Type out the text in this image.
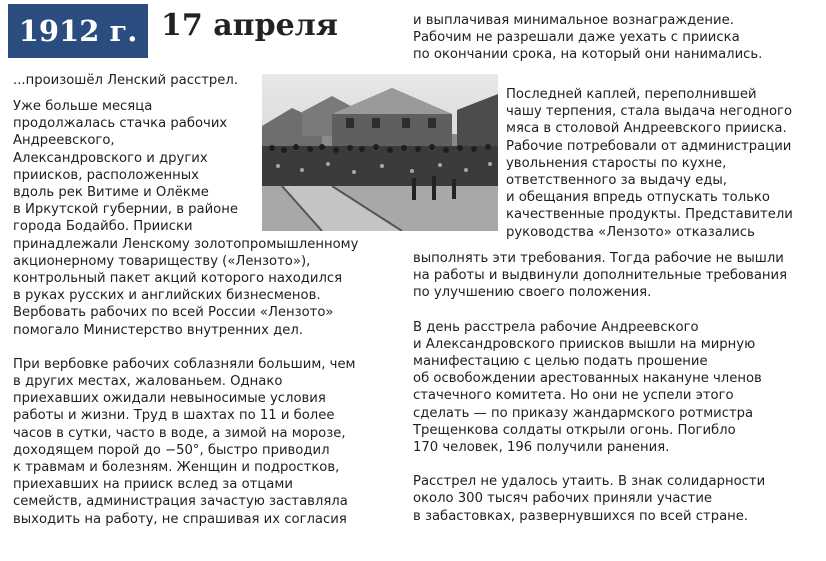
1912 г. 17 апреля
...произошёл Ленский расстрел.
Уже больше месяца
продолжалась стачка рабочих
Андреевского,
Александровского и других
приисков, расположенных
вдоль рек Витиме и Олёкме
в Иркутской губернии, в районе
города Бодайбо. Прииски
принадлежали Ленскому золотопромышленному
акционерному товариществу («Лензото»),
контрольный пакет акций которого находился
в руках русских и английских бизнесменов.
Вербовать рабочих по всей России «Лензото»
помогало Министерство внутренних дел.
При вербовке рабочих соблазняли большим, чем
в других местах, жалованьем. Однако
приехавших ожидали невыносимые условия
работы и жизни. Труд в шахтах по 11 и более
часов в сутки, часто в воде, а зимой на морозе,
доходящем порой до −50°, быстро приводил
к травмам и болезням. Женщин и подростков,
приехавших на прииск вслед за отцами
семейств, администрация зачастую заставляла
выходить на работу, не спрашивая их согласия
и выплачивая минимальное вознаграждение.
Рабочим не разрешали даже уехать с прииска
по окончании срока, на который они нанимались.
Последней каплей, переполнившей
чашу терпения, стала выдача негодного
мяса в столовой Андреевского прииска.
Рабочие потребовали от администрации
увольнения старосты по кухне,
ответственного за выдачу еды,
и обещания впредь отпускать только
качественные продукты. Представители
руководства «Лензото» отказались
выполнять эти требования. Тогда рабочие не вышли
на работы и выдвинули дополнительные требования
по улучшению своего положения.
В день расстрела рабочие Андреевского
и Александровского приисков вышли на мирную
манифестацию с целью подать прошение
об освобождении арестованных накануне членов
стачечного комитета. Но они не успели этого
сделать — по приказу жандармского ротмистра
Трещенкова солдаты открыли огонь. Погибло
170 человек, 196 получили ранения.
Расстрел не удалось утаить. В знак солидарности
около 300 тысяч рабочих приняли участие
в забастовках, развернувшихся по всей стране.
